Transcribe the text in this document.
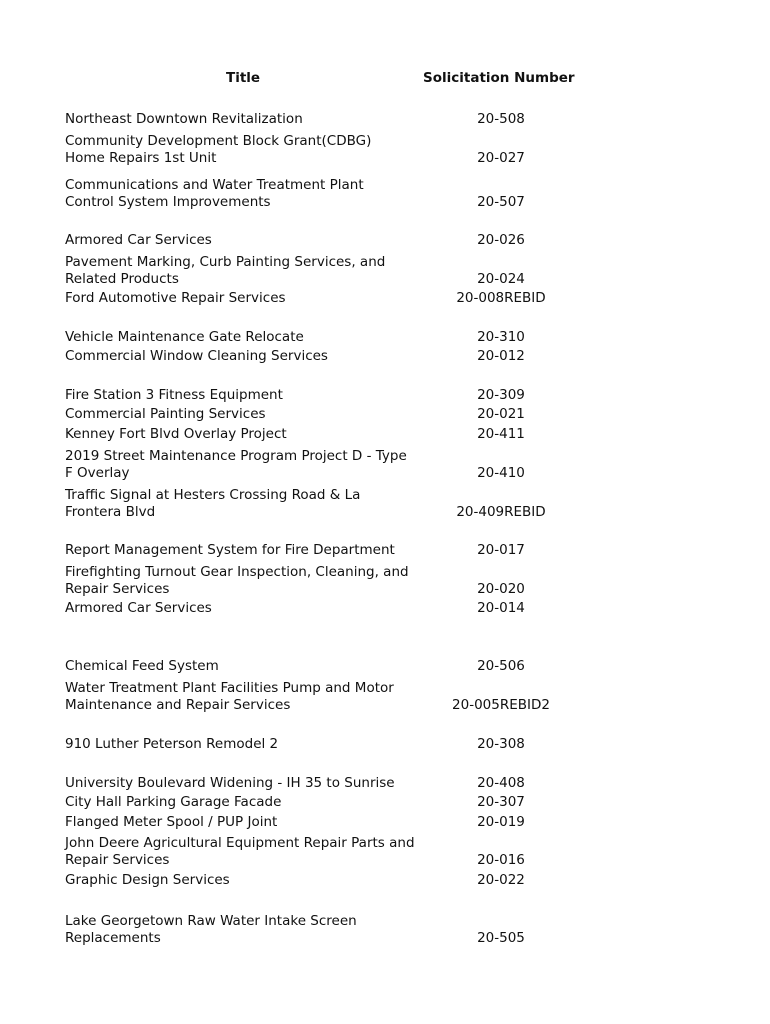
Title	Solicitation Number
Northeast Downtown Revitalization	20-508
Community Development Block Grant(CDBG)
Home Repairs 1st Unit	20-027
Communications and Water Treatment Plant
Control System Improvements	20-507
Armored Car Services	20-026
Pavement Marking, Curb Painting Services, and
Related Products	20-024
Ford Automotive Repair Services	20-008REBID
Vehicle Maintenance Gate Relocate	20-310
Commercial Window Cleaning Services	20-012
Fire Station 3 Fitness Equipment	20-309
Commercial Painting Services	20-021
Kenney Fort Blvd Overlay Project	20-411
2019 Street Maintenance Program Project D - Type
F Overlay	20-410
Traffic Signal at Hesters Crossing Road & La
Frontera Blvd	20-409REBID
Report Management System for Fire Department	20-017
Firefighting Turnout Gear Inspection, Cleaning, and
Repair Services	20-020
Armored Car Services	20-014
Chemical Feed System	20-506
Water Treatment Plant Facilities Pump and Motor
Maintenance and Repair Services	20-005REBID2
910 Luther Peterson Remodel 2	20-308
University Boulevard Widening - IH 35 to Sunrise	20-408
City Hall Parking Garage Facade	20-307
Flanged Meter Spool / PUP Joint	20-019
John Deere Agricultural Equipment Repair Parts and
Repair Services	20-016
Graphic Design Services	20-022
Lake Georgetown Raw Water Intake Screen
Replacements	20-505
